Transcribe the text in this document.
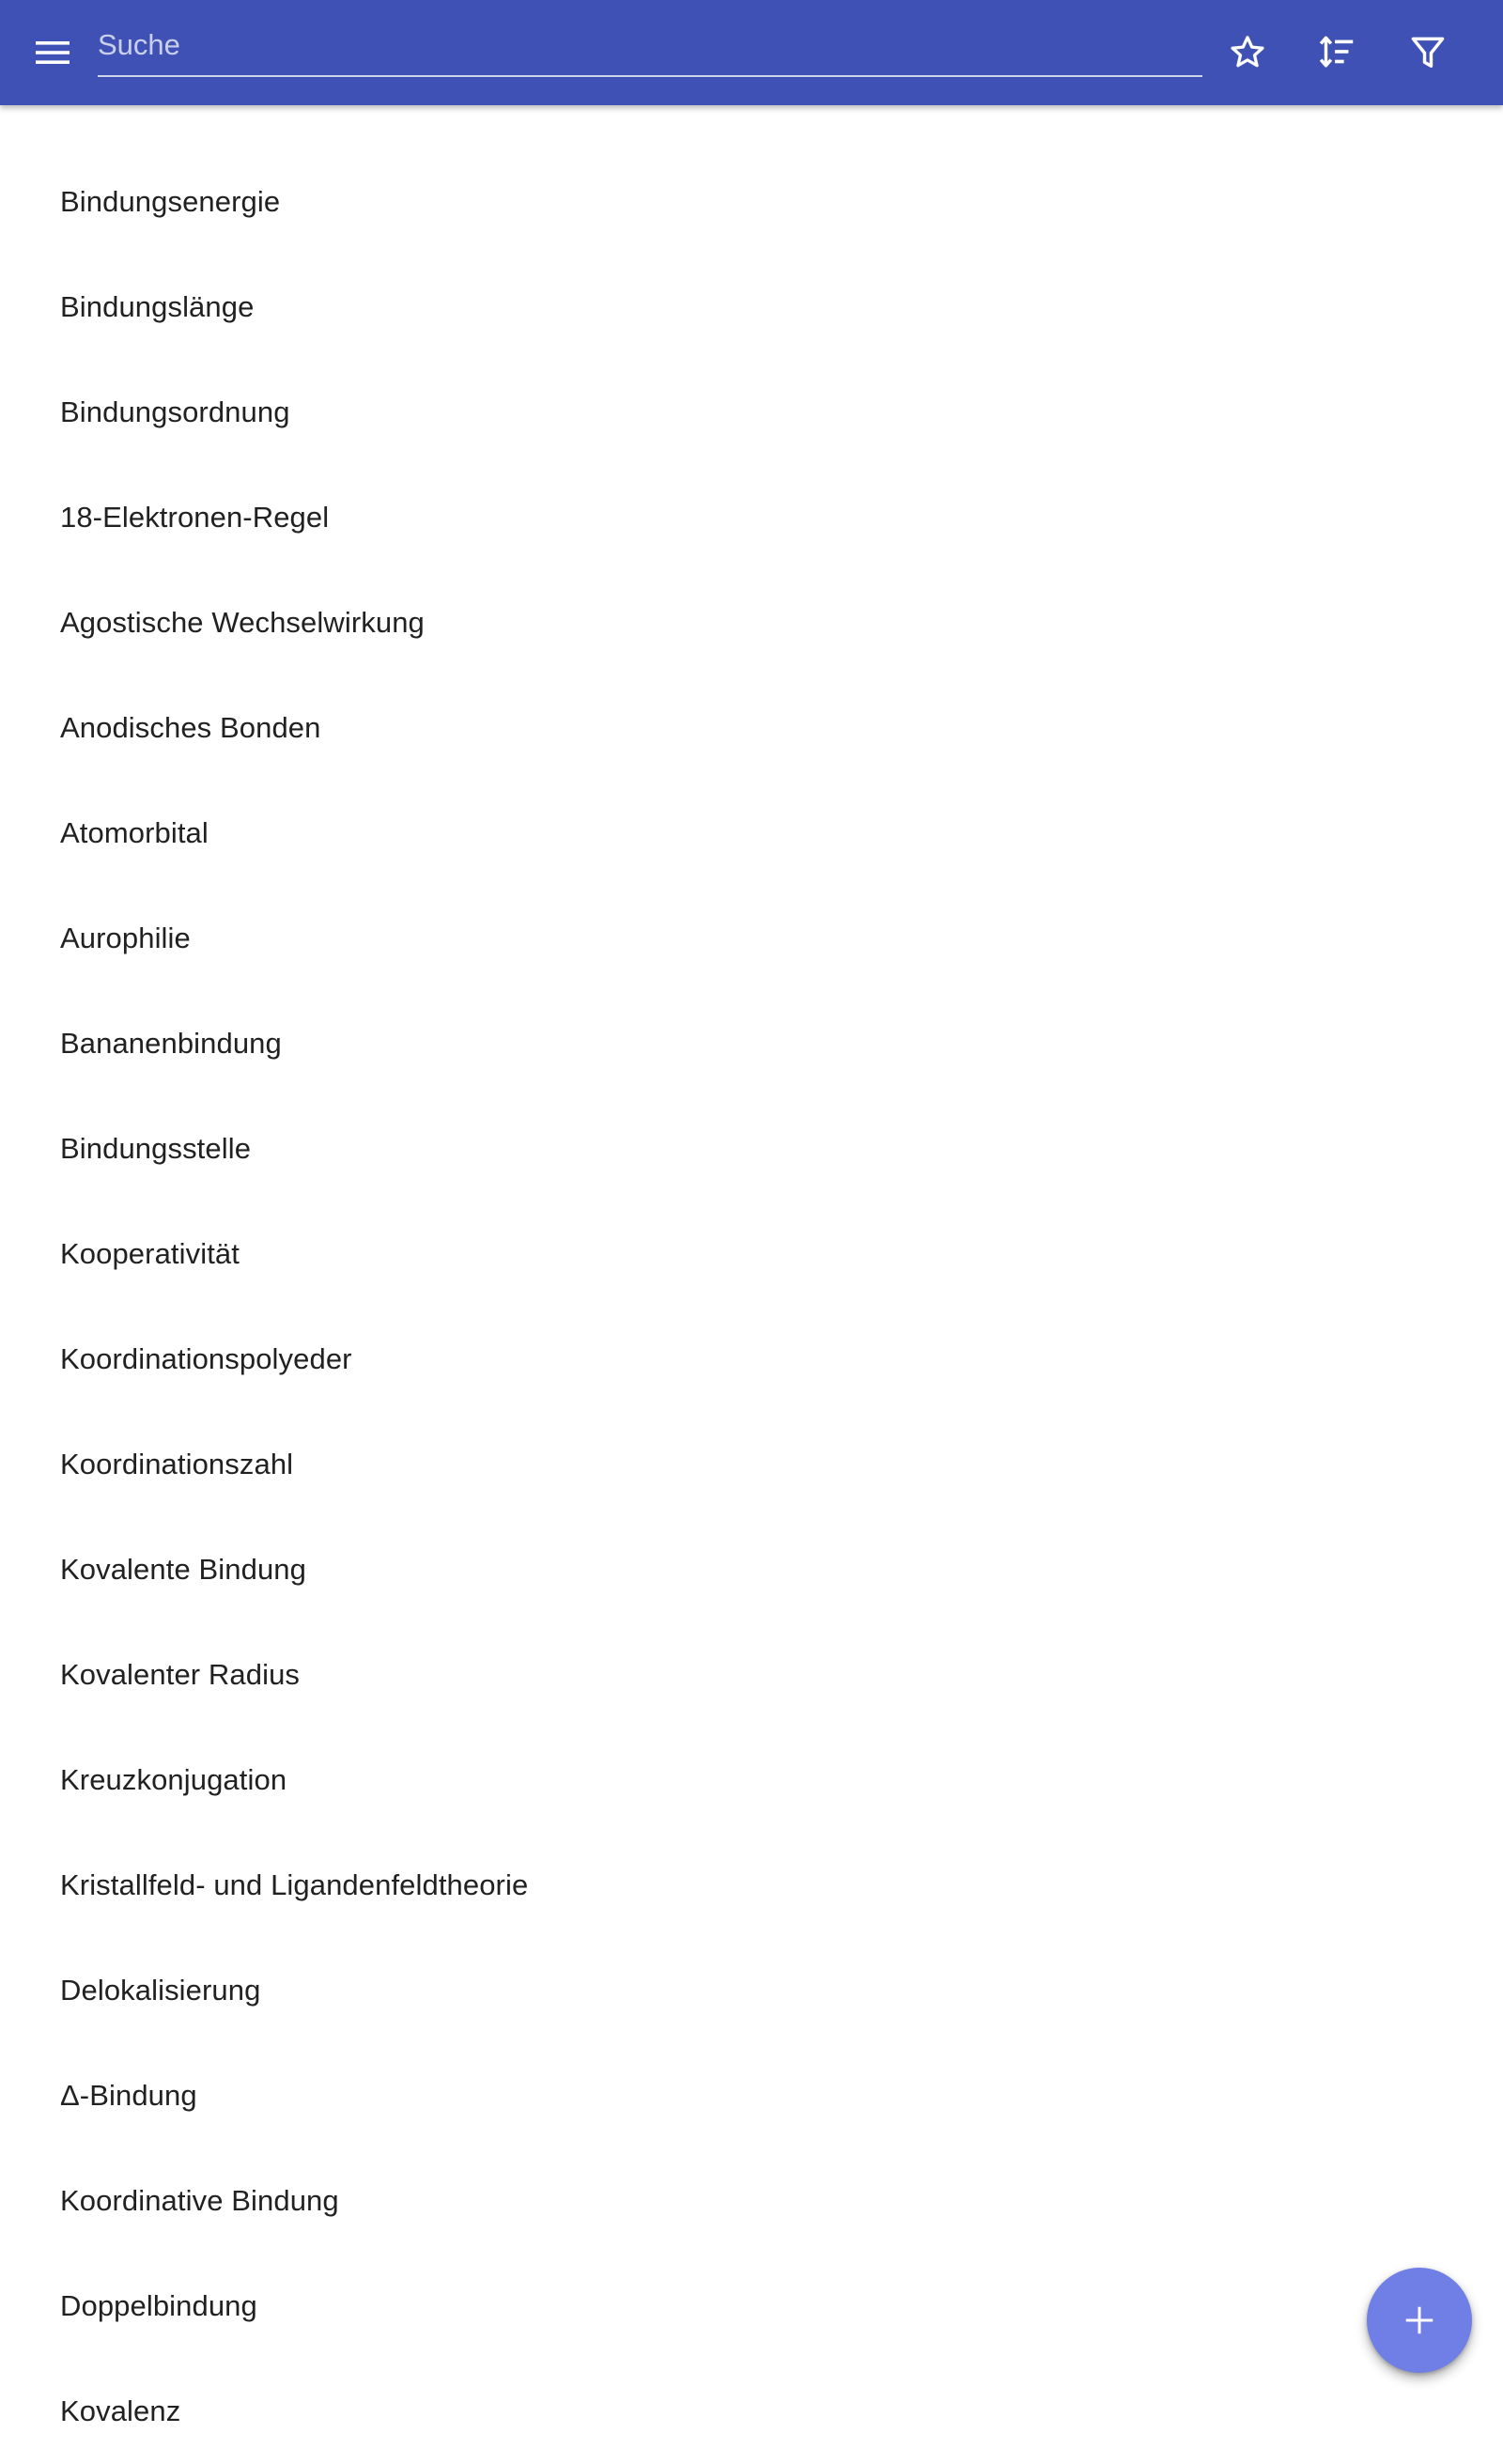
Suche
Bindungsenergie
Bindungslänge
Bindungsordnung
18-Elektronen-Regel
Agostische Wechselwirkung
Anodisches Bonden
Atomorbital
Aurophilie
Bananenbindung
Bindungsstelle
Kooperativität
Koordinationspolyeder
Koordinationszahl
Kovalente Bindung
Kovalenter Radius
Kreuzkonjugation
Kristallfeld- und Ligandenfeldtheorie
Delokalisierung
Δ-Bindung
Koordinative Bindung
Doppelbindung
Kovalenz
